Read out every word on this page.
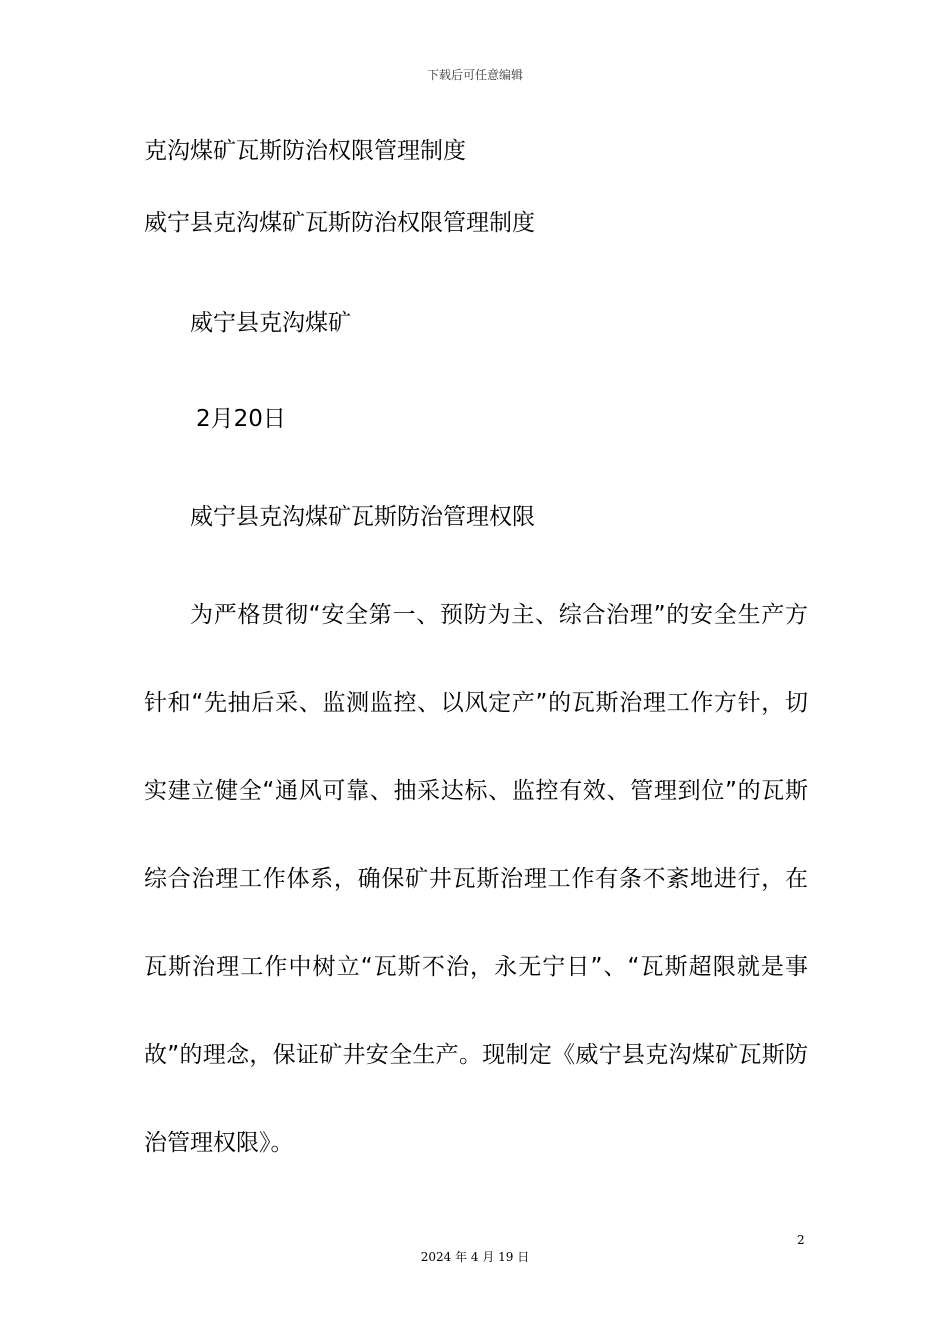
下载后可任意编辑
克沟煤矿瓦斯防治权限管理制度
威宁县克沟煤矿瓦斯防治权限管理制度
威宁县克沟煤矿
2月20日
威宁县克沟煤矿瓦斯防治管理权限
为严格贯彻“安全第一、预防为主、综合治理”的安全生产方针和“先抽后采、监测监控、以风定产”的瓦斯治理工作方针，切实建立健全“通风可靠、抽采达标、监控有效、管理到位”的瓦斯综合治理工作体系，确保矿井瓦斯治理工作有条不紊地进行，在瓦斯治理工作中树立“瓦斯不治，永无宁日”、“瓦斯超限就是事故”的理念，保证矿井安全生产。现制定《威宁县克沟煤矿瓦斯防治管理权限》。
2
2024 年 4 月 19 日
